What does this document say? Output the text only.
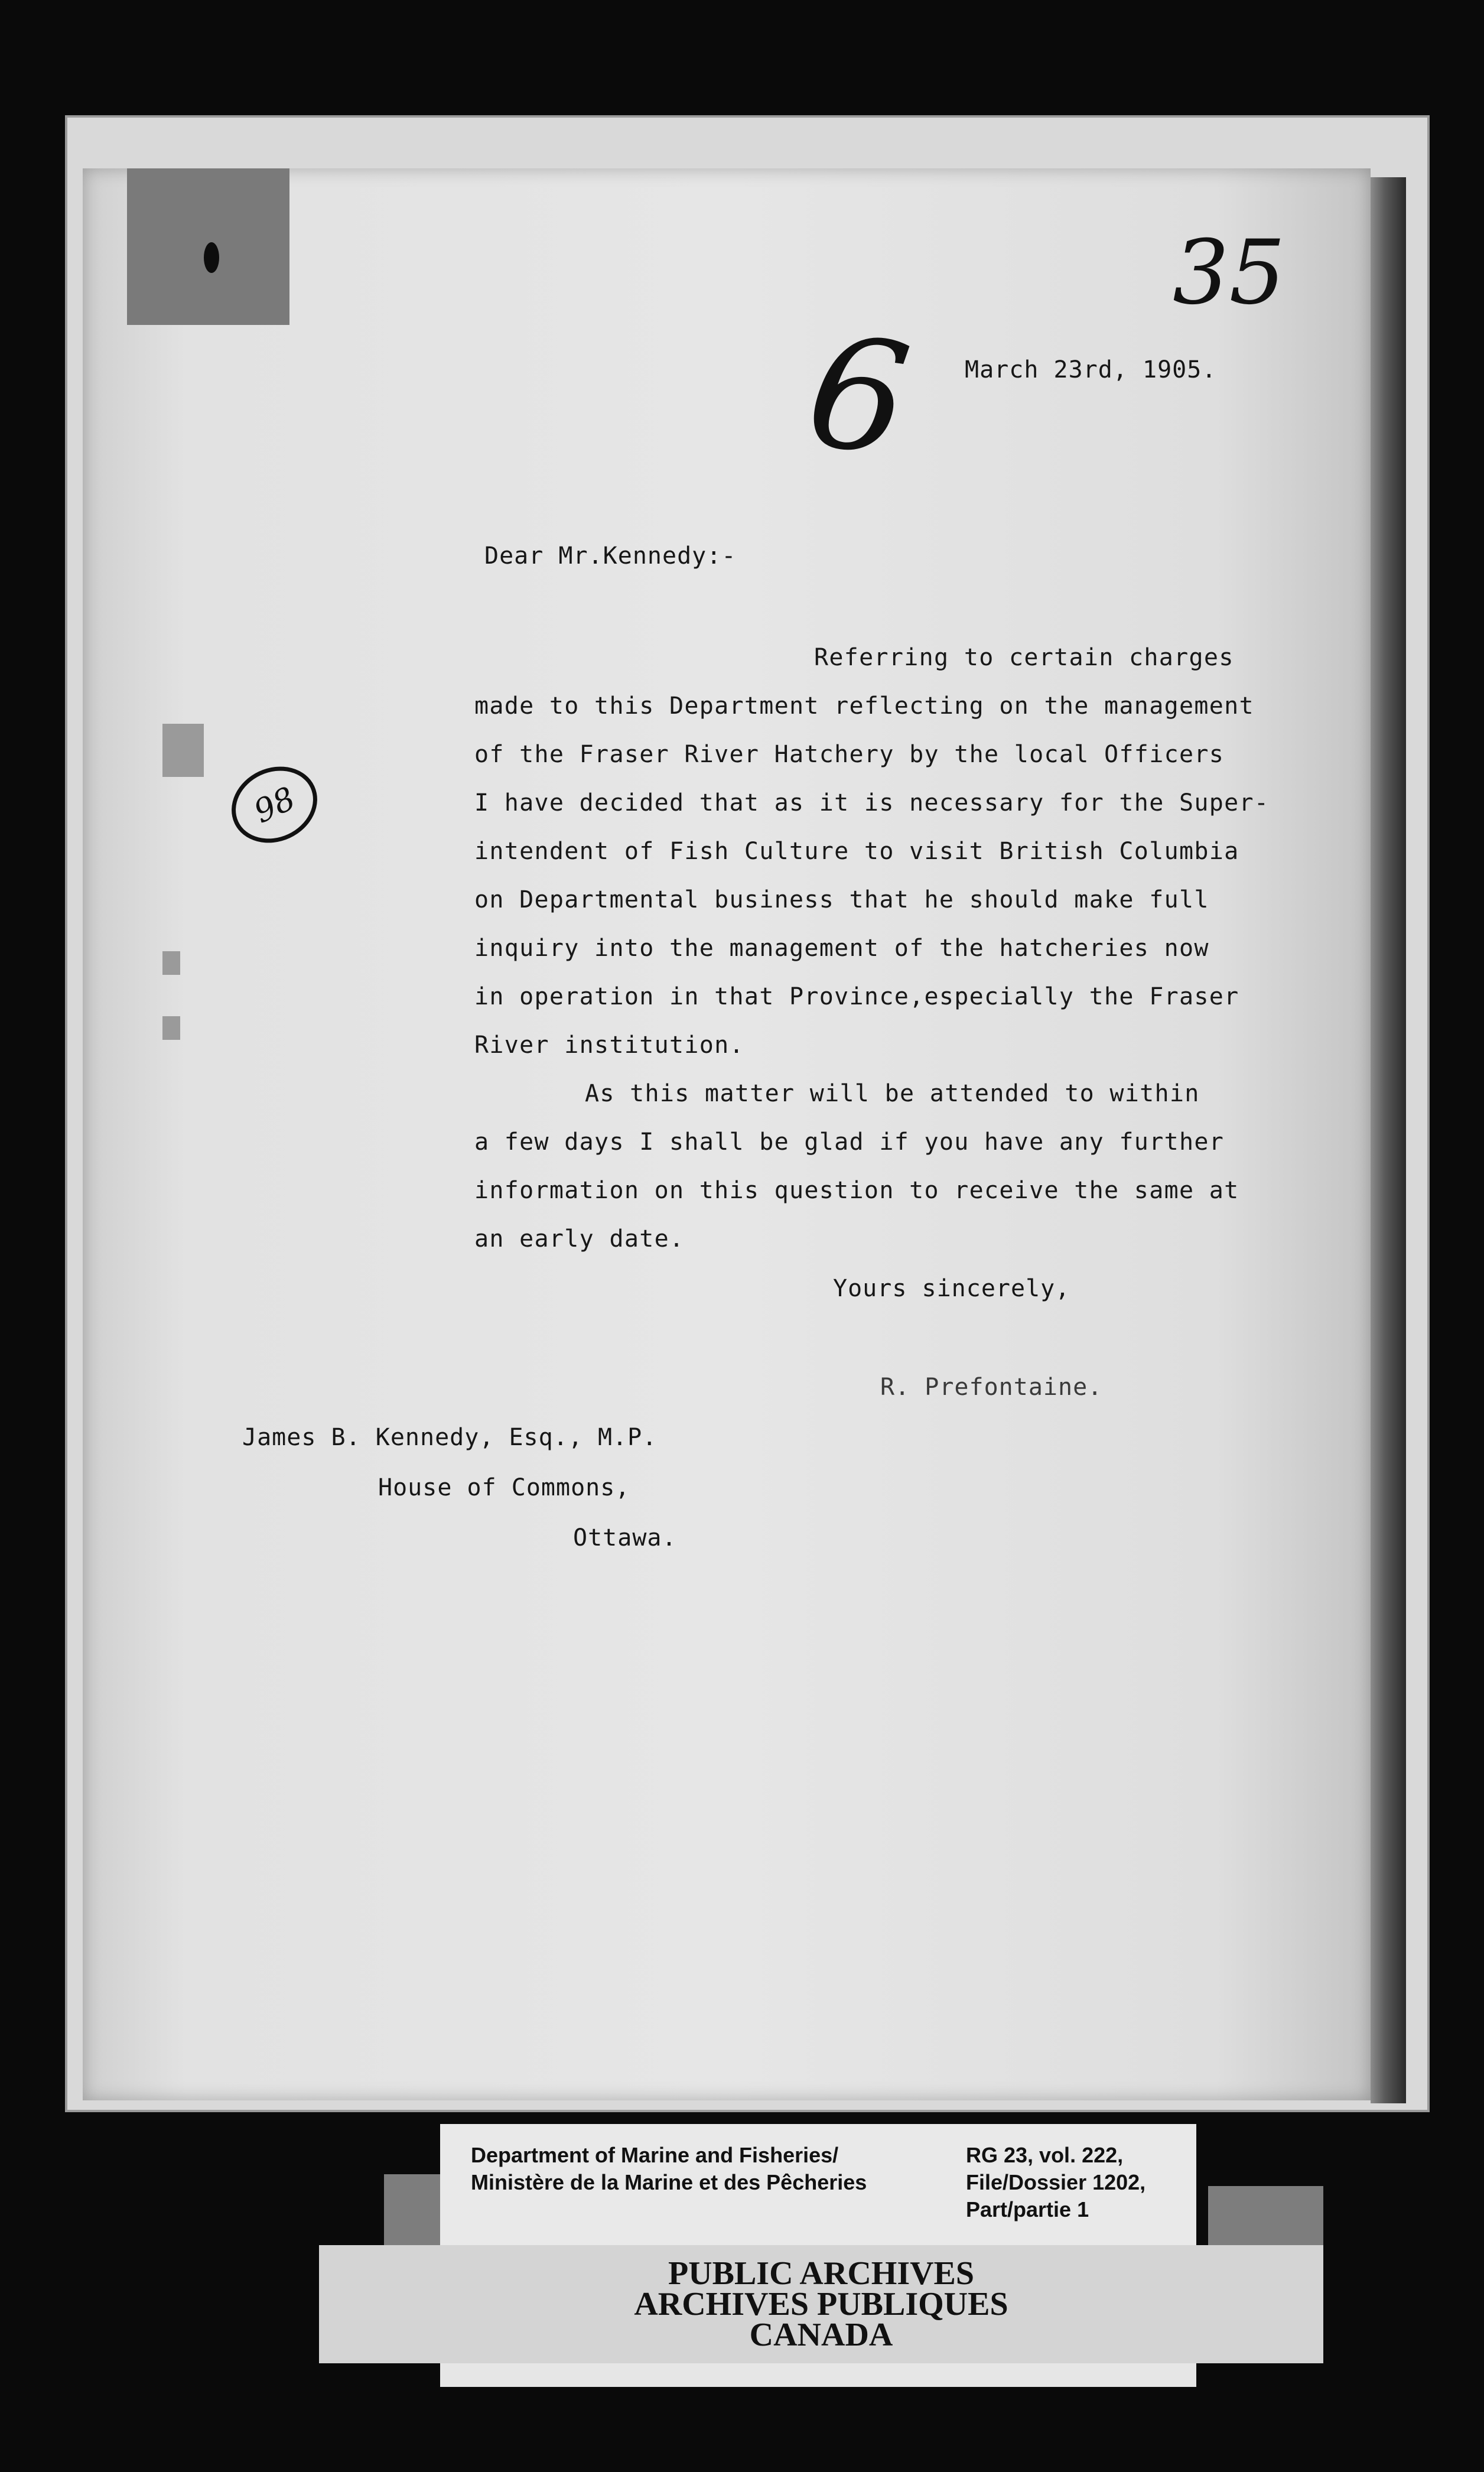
35
6
98
March 23rd, 1905.
Dear Mr.Kennedy:-
Referring to certain charges
made to this Department reflecting on the management
of the Fraser River Hatchery by the local Officers
I have decided that as it is necessary for the Super-
intendent of Fish Culture to visit British Columbia
on Departmental business that he should make full
inquiry into the management of the hatcheries now
in operation in that Province,especially the Fraser
River institution.
As this matter will be attended to within
a few days I shall be glad if you have any further
information on this question to receive the same at
an early date.
Yours sincerely,
R. Prefontaine.
James B. Kennedy, Esq., M.P.
House of Commons,
Ottawa.
Department of Marine and Fisheries/
Ministère de la Marine et des Pêcheries
RG 23, vol. 222,
File/Dossier 1202,
Part/partie 1
PUBLIC ARCHIVES
ARCHIVES PUBLIQUES
CANADA
